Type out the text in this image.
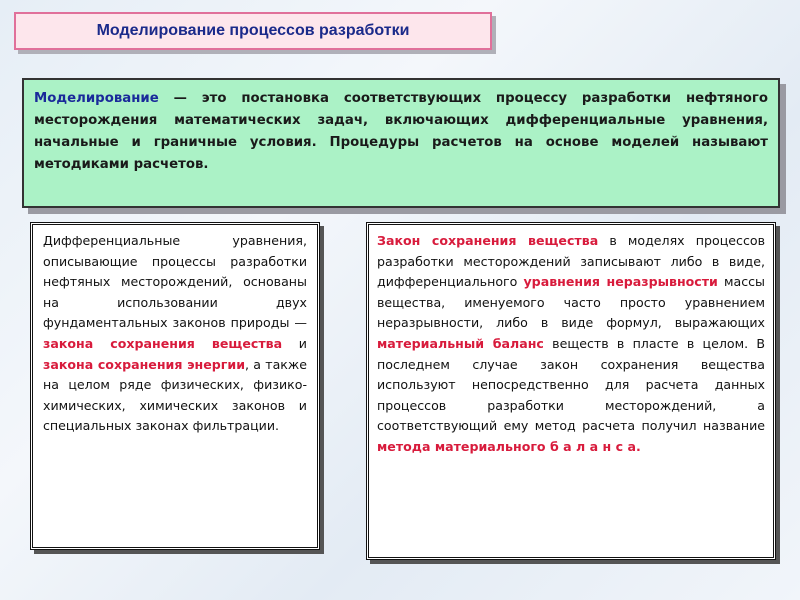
Моделирование процессов разработки
Моделирование — это постановка соответствующих процессу разработки нефтяного месторождения математических задач, включающих дифференциальные уравнения, начальные и граничные условия. Процедуры расчетов на основе моделей называют методиками расчетов.
Дифференциальные уравнения, описывающие процессы разработки нефтяных месторождений, основаны на использовании двух фундаментальных законов природы — закона сохранения вещества и закона сохранения энергии, а также на целом ряде физических, физико-химических, химических законов и специальных законах фильтрации.
Закон сохранения вещества в моделях процессов разработки месторождений записывают либо в виде, дифференциального уравнения неразрывности массы вещества, именуемого часто просто уравнением неразрывности, либо в виде формул, выражающих материальный баланс веществ в пласте в целом. В последнем случае закон сохранения вещества используют непосредственно для расчета данных процессов разработки месторождений, а соответствующий ему метод расчета получил название метода материального б а л а н с а.
